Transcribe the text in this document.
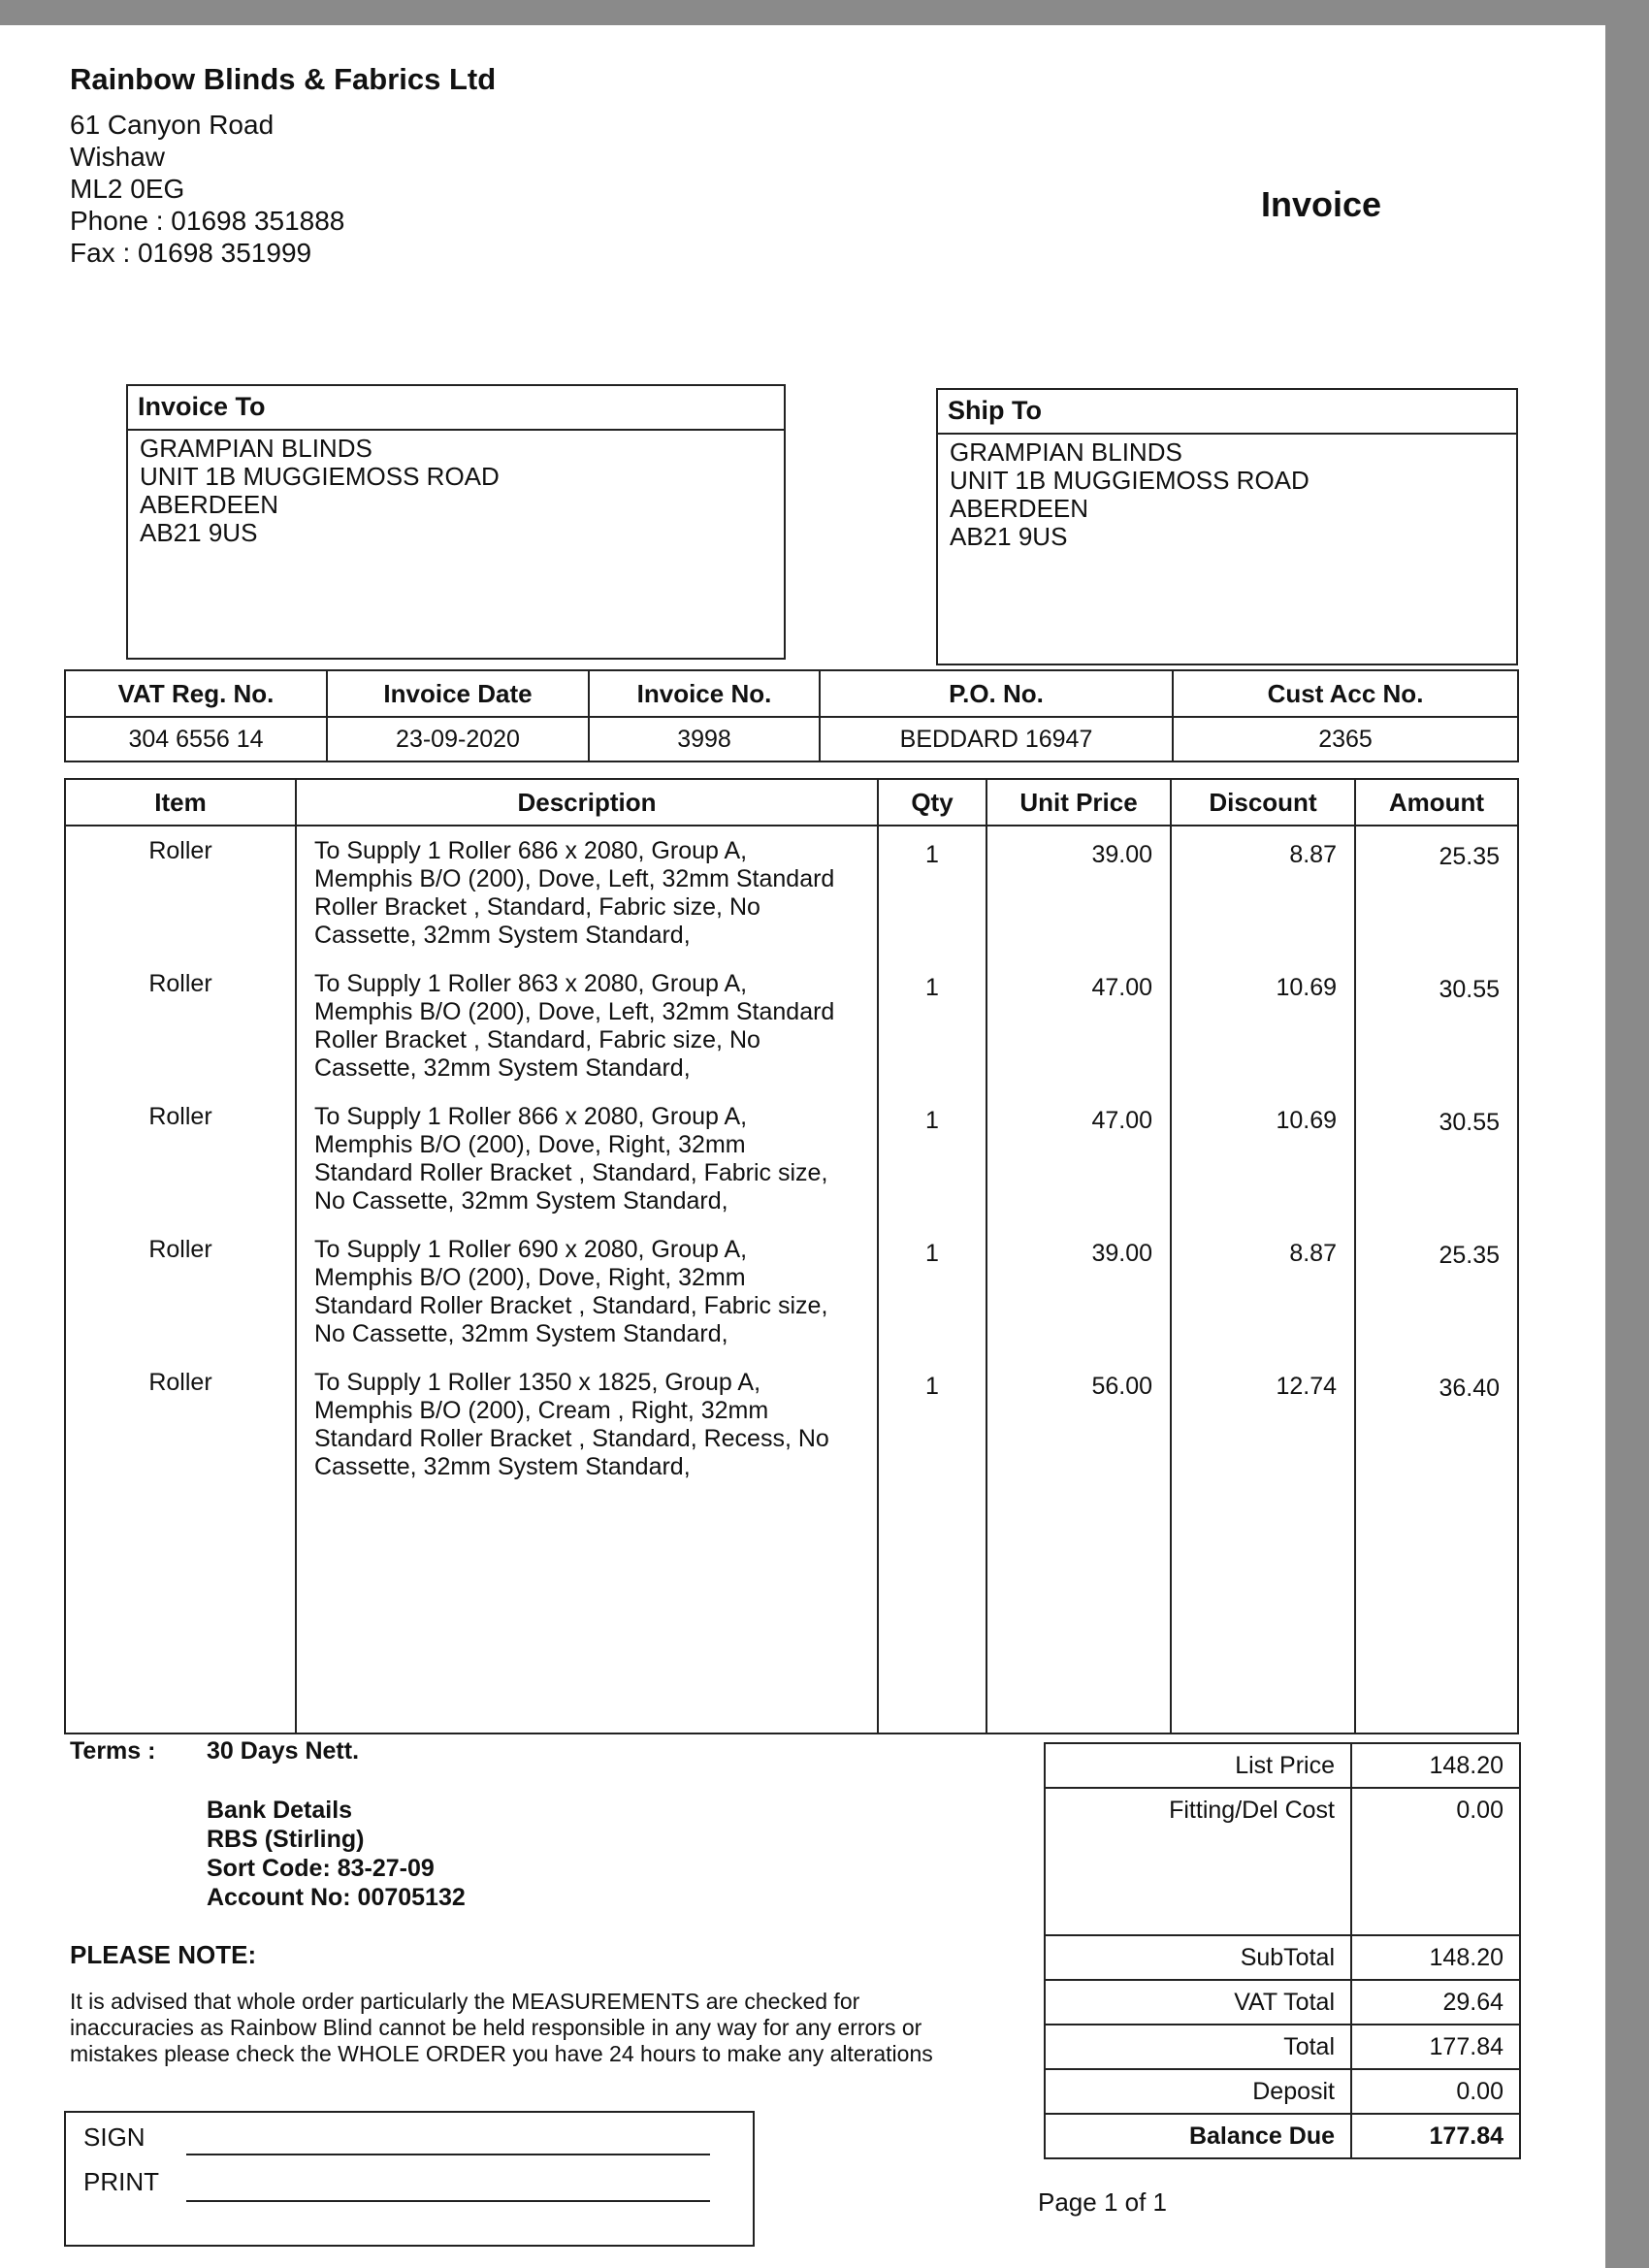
Rainbow Blinds & Fabrics Ltd
61 Canyon Road
Wishaw
ML2 0EG
Phone : 01698 351888
Fax : 01698 351999
Invoice
Invoice To
GRAMPIAN BLINDS
UNIT 1B MUGGIEMOSS ROAD
ABERDEEN
AB21 9US
Ship To
GRAMPIAN BLINDS
UNIT 1B MUGGIEMOSS ROAD
ABERDEEN
AB21 9US
VAT Reg. No.	Invoice Date	Invoice No.	P.O. No.	Cust Acc No.
304 6556 14	23-09-2020	3998	BEDDARD 16947	2365
Item	Description	Qty	Unit Price	Discount	Amount

Roller	To Supply 1 Roller 686 x 2080, Group A,
Memphis B/O (200), Dove, Left, 32mm Standard
Roller Bracket , Standard, Fabric size, No
Cassette, 32mm System Standard,	1	39.00	8.87	25.35

Roller	To Supply 1 Roller 863 x 2080, Group A,
Memphis B/O (200), Dove, Left, 32mm Standard
Roller Bracket , Standard, Fabric size, No
Cassette, 32mm System Standard,	1	47.00	10.69	30.55

Roller	To Supply 1 Roller 866 x 2080, Group A,
Memphis B/O (200), Dove, Right, 32mm
Standard Roller Bracket , Standard, Fabric size,
No Cassette, 32mm System Standard,	1	47.00	10.69	30.55

Roller	To Supply 1 Roller 690 x 2080, Group A,
Memphis B/O (200), Dove, Right, 32mm
Standard Roller Bracket , Standard, Fabric size,
No Cassette, 32mm System Standard,	1	39.00	8.87	25.35

Roller	To Supply 1 Roller 1350 x 1825, Group A,
Memphis B/O (200), Cream , Right, 32mm
Standard Roller Bracket , Standard, Recess, No
Cassette, 32mm System Standard,	1	56.00	12.74	36.40

Terms : 30 Days Nett.
Bank Details
RBS (Stirling)
Sort Code: 83-27-09
Account No: 00705132
PLEASE NOTE:
It is advised that whole order particularly the MEASUREMENTS are checked for
inaccuracies as Rainbow Blind cannot be held responsible in any way for any errors or
mistakes please check the WHOLE ORDER you have 24 hours to make any alterations
List Price	148.20
Fitting/Del Cost	0.00
SubTotal	148.20
VAT Total	29.64
Total	177.84
Deposit	0.00
Balance Due	177.84
SIGN
PRINT
Page 1 of 1
